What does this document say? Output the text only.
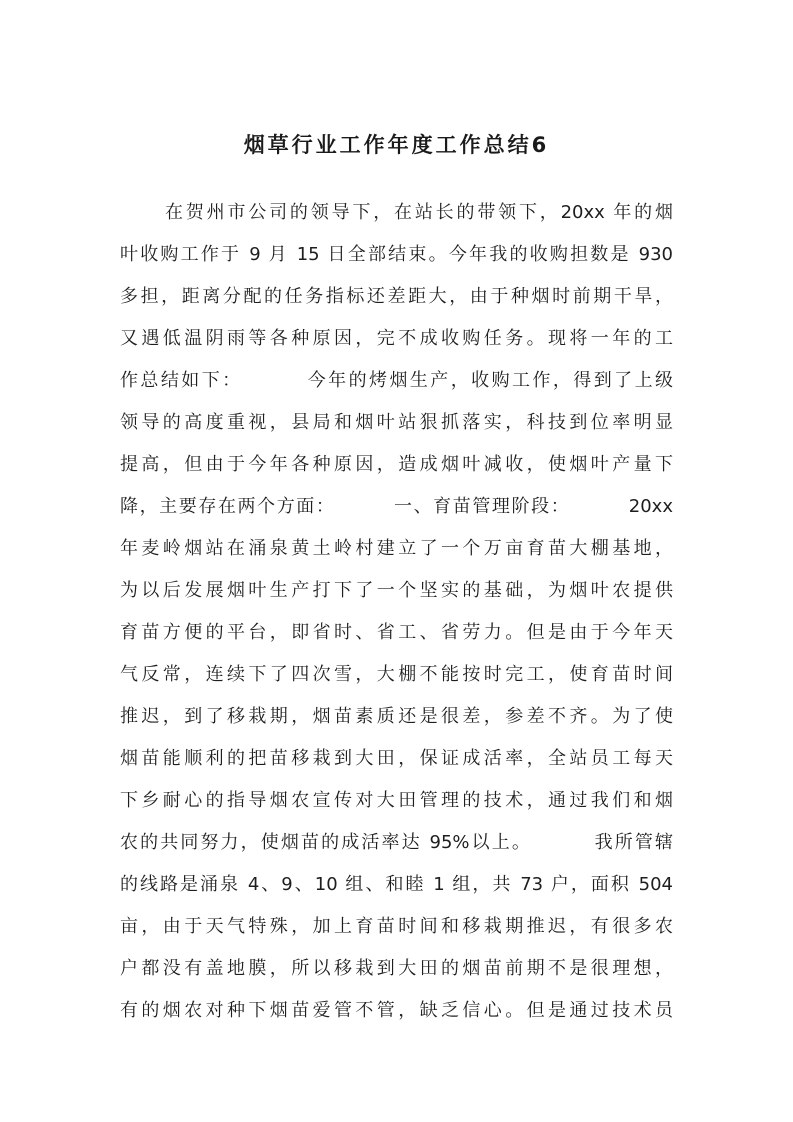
烟草行业工作年度工作总结6
在贺州市公司的领导下，在站长的带领下，20xx 年的烟
叶收购工作于 9 月 15 日全部结束。今年我的收购担数是 930
多担，距离分配的任务指标还差距大，由于种烟时前期干旱，
又遇低温阴雨等各种原因，完不成收购任务。现将一年的工
作总结如下：        今年的烤烟生产，收购工作，得到了上级
领导的高度重视，县局和烟叶站狠抓落实，科技到位率明显
提高，但由于今年各种原因，造成烟叶减收，使烟叶产量下
降，主要存在两个方面：        一、育苗管理阶段：        20xx
年麦岭烟站在涌泉黄土岭村建立了一个万亩育苗大棚基地，
为以后发展烟叶生产打下了一个坚实的基础，为烟叶农提供
育苗方便的平台，即省时、省工、省劳力。但是由于今年天
气反常，连续下了四次雪，大棚不能按时完工，使育苗时间
推迟，到了移栽期，烟苗素质还是很差，参差不齐。为了使
烟苗能顺利的把苗移栽到大田，保证成活率，全站员工每天
下乡耐心的指导烟农宣传对大田管理的技术，通过我们和烟
农的共同努力，使烟苗的成活率达 95%以上。        我所管辖
的线路是涌泉 4、9、10 组、和睦 1 组，共 73 户，面积 504
亩，由于天气特殊，加上育苗时间和移栽期推迟，有很多农
户都没有盖地膜，所以移栽到大田的烟苗前期不是很理想，
有的烟农对种下烟苗爱管不管，缺乏信心。但是通过技术员
